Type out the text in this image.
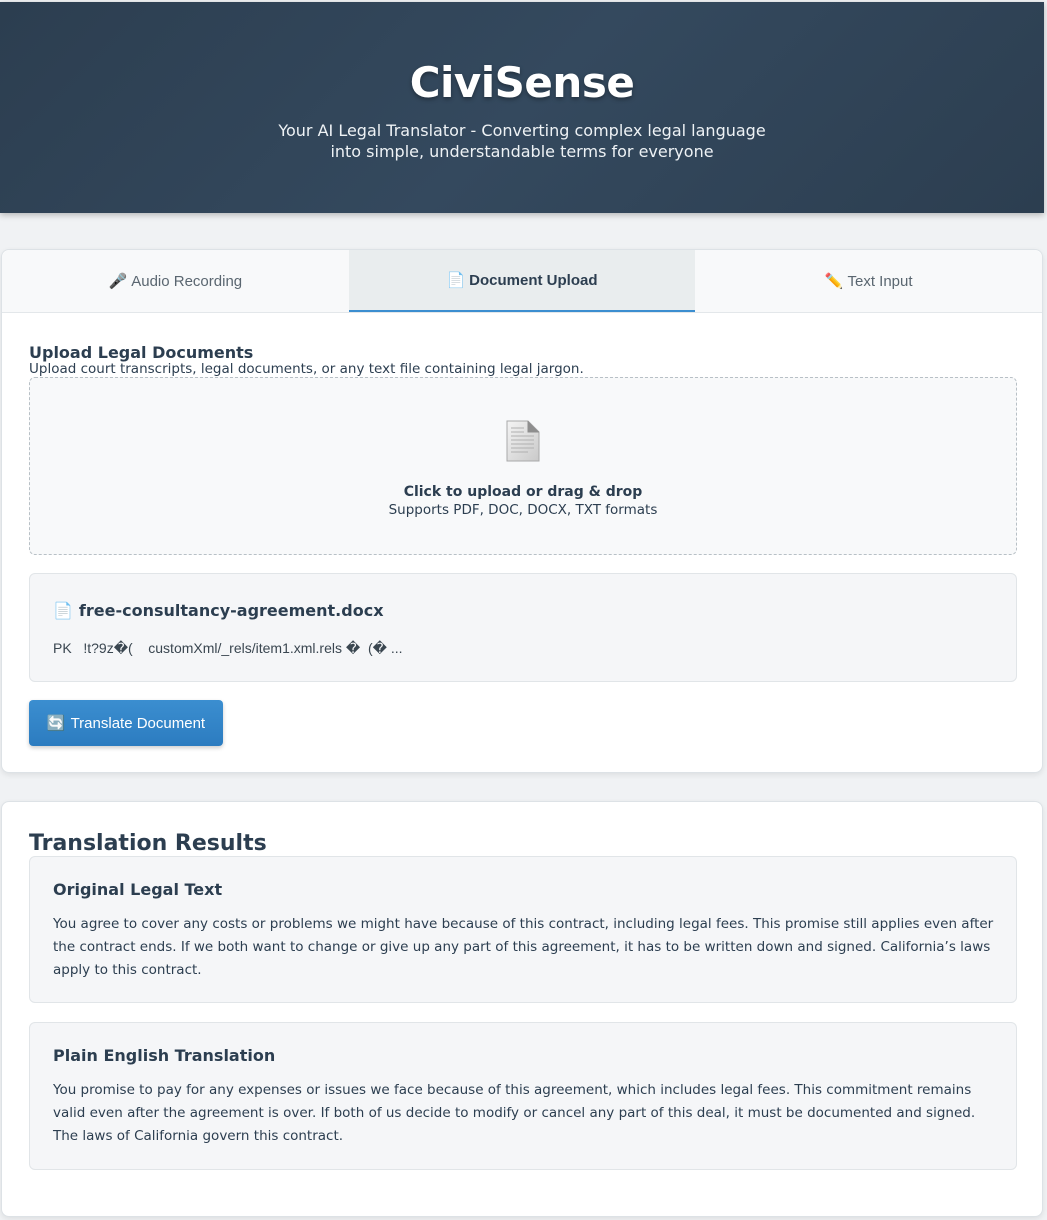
CiviSense

Your AI Legal Translator - Converting complex legal language into simple, understandable terms for everyone

🎤 Audio Recording	📄 Document Upload	✏️ Text Input
Upload Legal Documents

Upload court transcripts, legal documents, or any text file containing legal jargon.

Click to upload or drag & drop
Supports PDF, DOC, DOCX, TXT formats
📄 free-consultancy-agreement.docx
PK   !t?9z�(    customXml/_rels/item1.xml.rels �  (� ...
🔄 Translate Document
Translation Results
Original Legal Text

You agree to cover any costs or problems we might have because of this contract, including legal fees. This promise still applies even after the contract ends. If we both want to change or give up any part of this agreement, it has to be written down and signed. California’s laws apply to this contract.

Plain English Translation

You promise to pay for any expenses or issues we face because of this agreement, which includes legal fees. This commitment remains valid even after the agreement is over. If both of us decide to modify or cancel any part of this deal, it must be documented and signed. The laws of California govern this contract.
